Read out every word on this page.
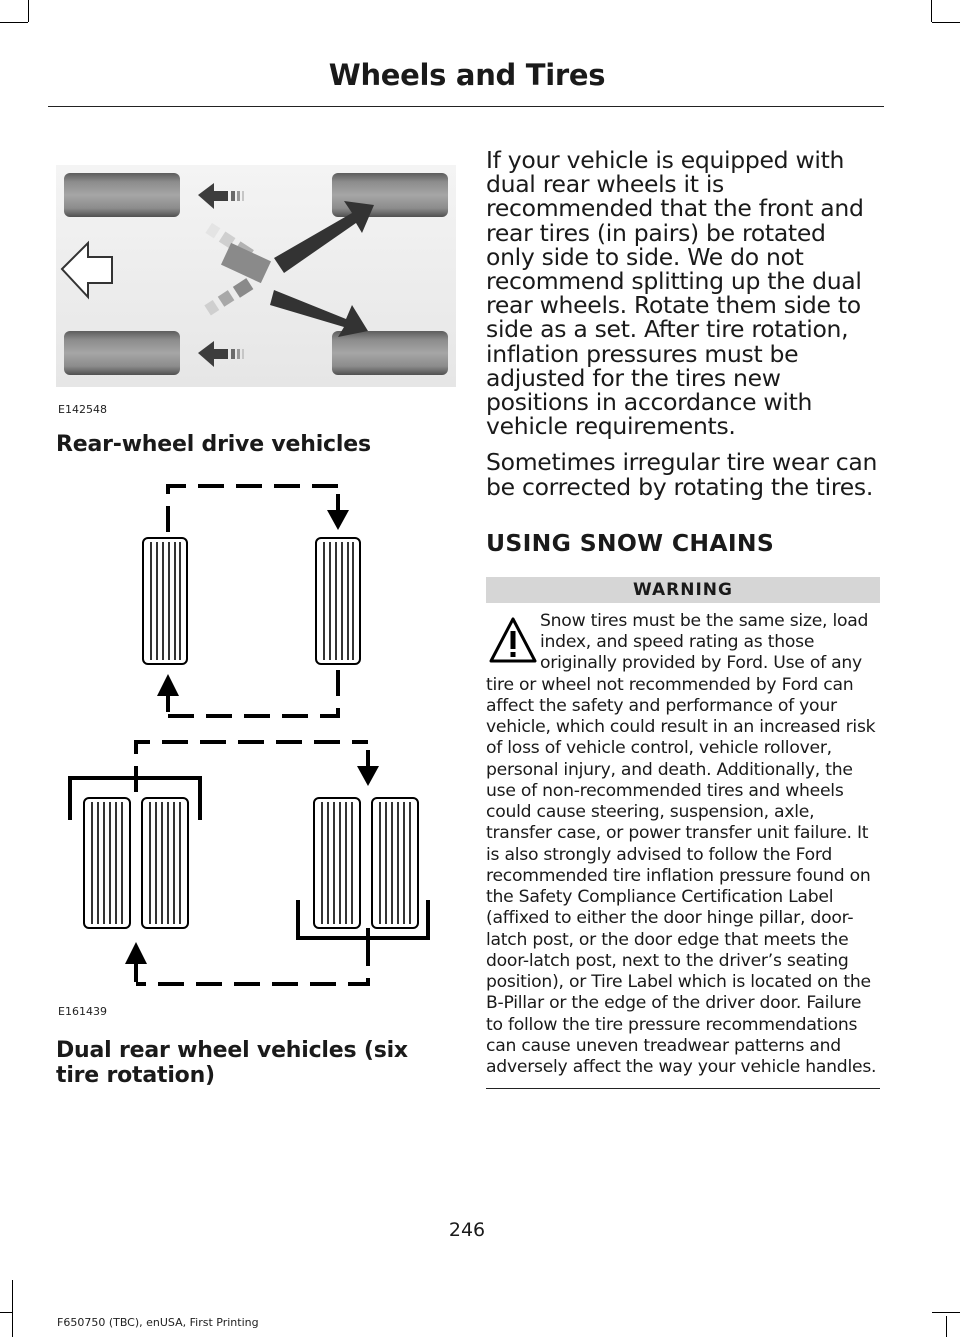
Wheels and Tires
E142548
Rear-wheel drive vehicles
E161439
Dual rear wheel vehicles (six tire rotation)

If your vehicle is equipped with dual rear wheels it is recommended that the front and rear tires (in pairs) be rotated only side to side. We do not recommend splitting up the dual rear wheels. Rotate them side to side as a set. After tire rotation, inflation pressures must be adjusted for the tires new positions in accordance with vehicle requirements.

Sometimes irregular tire wear can be corrected by rotating the tires.

USING SNOW CHAINS
WARNING
Snow tires must be the same size, load index, and speed rating as those originally provided by Ford. Use of any tire or wheel not recommended by Ford can affect the safety and performance of your vehicle, which could result in an increased risk of loss of vehicle control, vehicle rollover, personal injury, and death. Additionally, the use of non-recommended tires and wheels could cause steering, suspension, axle, transfer case, or power transfer unit failure. It is also strongly advised to follow the Ford recommended tire inflation pressure found on the Safety Compliance Certification Label (affixed to either the door hinge pillar, door-latch post, or the door edge that meets the door-latch post, next to the driver’s seating position), or Tire Label which is located on the B-Pillar or the edge of the driver door. Failure to follow the tire pressure recommendations can cause uneven treadwear patterns and adversely affect the way your vehicle handles.
246
F650750 (TBC), enUSA, First Printing
